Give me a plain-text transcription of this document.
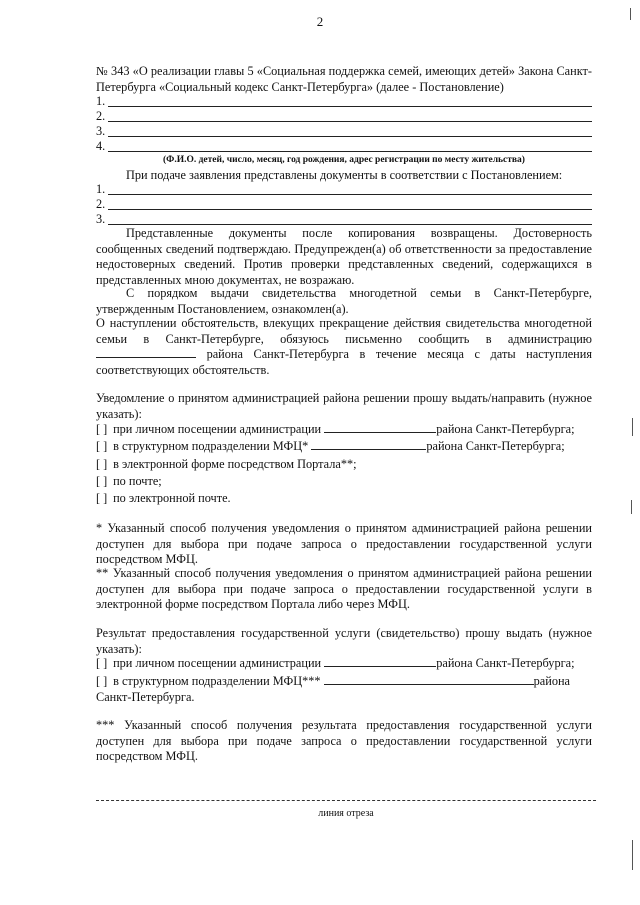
2

№ 343 «О реализации главы 5 «Социальная поддержка семей, имеющих детей» Закона Санкт-Петербурга «Социальный кодекс Санкт-Петербурга» (далее - Постановление)

1.
2.
3.
4.
(Ф.И.О. детей, число, месяц, год рождения, адрес регистрации по месту жительства)

При подаче заявления представлены документы в соответствии с Постановлением:

1.
2.
3.

Представленные документы после копирования возвращены. Достоверность сообщенных сведений подтверждаю. Предупрежден(а) об ответственности за предоставление недостоверных сведений. Против проверки представленных сведений, содержащихся в представленных мною документах, не возражаю.

С порядком выдачи свидетельства многодетной семьи в Санкт-Петербурге, утвержденным Постановлением, ознакомлен(а).

О наступлении обстоятельств, влекущих прекращение действия свидетельства многодетной семьи в Санкт-Петербурге, обязуюсь письменно сообщить в администрацию

района Санкт-Петербурга в течение месяца с даты наступления соответствующих обстоятельств.

Уведомление о принятом администрацией района решении прошу выдать/направить (нужное указать):

[ ] при личном посещении администрации	района Санкт-Петербурга;
[ ] в структурном подразделении МФЦ*	района Санкт-Петербурга;
[ ] в электронной форме посредством Портала**;
[ ] по почте;
[ ] по электронной почте.

* Указанный способ получения уведомления о принятом администрацией района решении доступен для выбора при подаче запроса о предоставлении государственной услуги посредством МФЦ.

** Указанный способ получения уведомления о принятом администрацией района решении доступен для выбора при подаче запроса о предоставлении государственной услуги в электронной форме посредством Портала либо через МФЦ.

Результат предоставления государственной услуги (свидетельство) прошу выдать (нужное указать):

[ ] при личном посещении администрации	района Санкт-Петербурга;
[ ] в структурном подразделении МФЦ***	района

Санкт-Петербурга.

*** Указанный способ получения результата предоставления государственной услуги доступен для выбора при подаче запроса о предоставлении государственной услуги посредством МФЦ.

линия отреза
